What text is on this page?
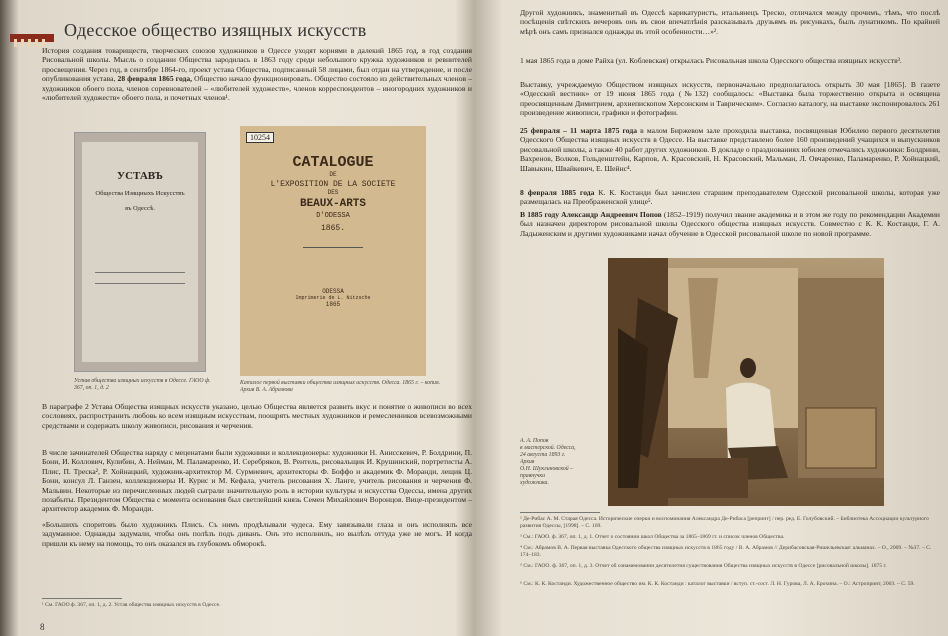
Одесское общество изящных искусств
История создания товариществ, творческих союзов художников в Одессе уходят корнями в далекий 1865 год, в год создания Рисовальной школы. Мысль о создании Общества зародилась в 1863 году среди небольшого кружка художников и ревнителей просвещения. Через год, в сентябре 1864-го, проект устава Общества, подписанный 58 лицами, был отдан на утверждение, и после опубликования устава, 28 февраля 1865 года, Общество начало функционировать. Общество состояло из действительных членов – художников обоего пола, членов соревнователей – «любителей художеств», членов корреспондентов – иногородних художников и «любителей художеств» обоего пола, и почетных членов¹.
УСТАВЪ
Общества Изящныхъ Искусствъ
въ Одессѣ.
Устав общества изящных искусств в Одессе. ГАОО ф. 367, оп. 1, д. 2
10254
CATALOGUE
DE
L'EXPOSITION DE LA SOCIETE
DES
BEAUX-ARTS
D'ODESSA
1865.
ODESSA
Imprimerie de L. Nitzsche
1865
Каталог первой выставки общества изящных искусств. Одесса. 1865 г. – копия. Архив В. А. Абрамова
В параграфе 2 Устава Общества изящных искусств указано, целью Общества является развить вкус и понятие о живописи во всех сословиях, распространить любовь ко всем изящным искусствам, поощрять местных художников и ремесленников всевозможными средствами и содержать школу живописи, рисования и черчения.
В числе зачинателей Общества наряду с меценатами были художники и коллекционеры: художники Н. Анисскевич, Р. Болдрини, П. Бони, И. Коллович, Кулибин, А. Нейман, М. Паламаренко, И. Серебряков, В. Рентель, рисовальщик И. Крушинский, портретисты А. Плис, П. Треска², Р. Хойнацкий, художник-архитектор М. Сурмиевич, архитекторы Ф. Боффо и академик Ф. Моранди, лещик Ц. Бони, консул Л. Ганзен, коллекционеры И. Курис и М. Кефала, учитель рисования Х. Ланге, учитель рисования и черчения Ф. Мальвин. Некоторые из перечисленных людей сыграли значительную роль в истории культуры и искусства Одессы, имена других позабыты. Президентом Общества с момента основания был светлейший князь Семен Михайлович Воронцов. Вице-президентом – архитектор академик Ф. Моранди.
«Большихъ споритовъ было художникъ Плисъ. Съ нимъ продѣлывали чудеса. Ему завязывали глаза и онъ исполнялъ все задуманное. Однажды задумали, чтобы онъ полѣзъ подъ диванъ. Онъ это исполнилъ, но вылѣзъ оттуда уже не могъ. И когда пришли къ нему на помощь, то онъ оказался въ глубокомъ обморокѣ.
¹ См. ГАОО ф. 367, оп. 1, д. 2. Устав общества изящных искусств в Одессе.
8
Другой художникъ, знаменитый въ Одессѣ карикатуристъ, итальянецъ Треско, отличался между прочимъ, тѣмъ, что послѣ посѣщенія свѣтскихъ вечеровъ онъ въ свои впечатлѣнія разсказывалъ друзьямъ въ рисункахъ, былъ лунатикомъ. По крайней мѣрѣ онъ самъ признался однажды въ этой особенности…»².
1 мая 1865 года в доме Райха (ул. Коблевская) открылась Рисовальная школа Одесского общества изящных искусств³.
Выставку, учреждаемую Обществом изящных искусств, первоначально предполагалось открыть 30 мая [1865]. В газете «Одесский вестник» от 19 июня 1865 года (№132) сообщалось: «Выставка была торжественно открыта и освящена преосвященным Димитрием, архиепископом Херсонским и Таврическим». Согласно каталогу, на выставке экспонировалось 261 произведение живописи, графики и фотографии.
25 февраля – 11 марта 1875 года в малом Биржевом зале проходила выставка, посвященная Юбилею первого десятилетия Одесского Общества изящных искусств в Одессе. На выставке представлено более 160 произведений учащихся и выпускников рисовальной школы, а также 40 работ других художников. В докладе о празднованиях юбилея отмечались художники: Болдрини, Вахренов, Волков, Гольденштейн, Карпов, А. Красовский, Н. Красовский, Мальман, Л. Овчаренко, Паламаренко, Р. Хойнацкий, Шавыкин, Швайкевич, Е. Шейнс⁴.
8 февраля 1885 года К. К. Костанди был зачислен старшим преподавателем Одесской рисовальной школы, которая уже размещалась на Преображенской улице⁵.
В 1885 году Александр Андреевич Попов (1852–1919) получил звание академика и в этом же году по рекомендации Академии был назначен директором рисовальной школы Одесского общества изящных искусств. Совместно с К. К. Костанди, Г. А. Ладыженским и другими художниками начал обучение в Одесской рисовальной школе по новой программе.
А. А. Попов
в мастерской. Одесса,
24 августа 1893 г.
Архив
О.Н. Шуклиновской –
правнучки
художника.
² Де-Рибас А. М. Старая Одесса. Исторические очерки и воспоминания Александра Де-Рибаса [репринт] / пер. ред. Е. Голубовский. – Библиотека Ассоциации культурного развития Одессы, [1998]. – С. 169.
³ См.: ГАОО. ф. 367, оп. 1, д. 1. Отчет о состоянии школ Общества за 1865–1869 гг. и список членов Общества.
⁴ См.: Абрамов В. А. Первая выставка Одесского общества изящных искусств в 1865 году / В. А. Абрамов // Дерибасовская-Ришельевская: альманах. – О., 2009. – №37. – С. 174–183.
⁵ См.: ГАОО. ф. 367, оп. 1, д. 3. Отчет об ознаменовании десятилетия существования Общества изящных искусств в Одессе [рисовальной школы]. 1875 г.
⁶ См.: К. К. Костанди. Художественное общество им. К. К. Костанди : каталог выставки / вступ. ст.-сост. Л. Н. Гурова, Л. А. Ерохина. – О.: Астропринт, 2003. – С. 59.
